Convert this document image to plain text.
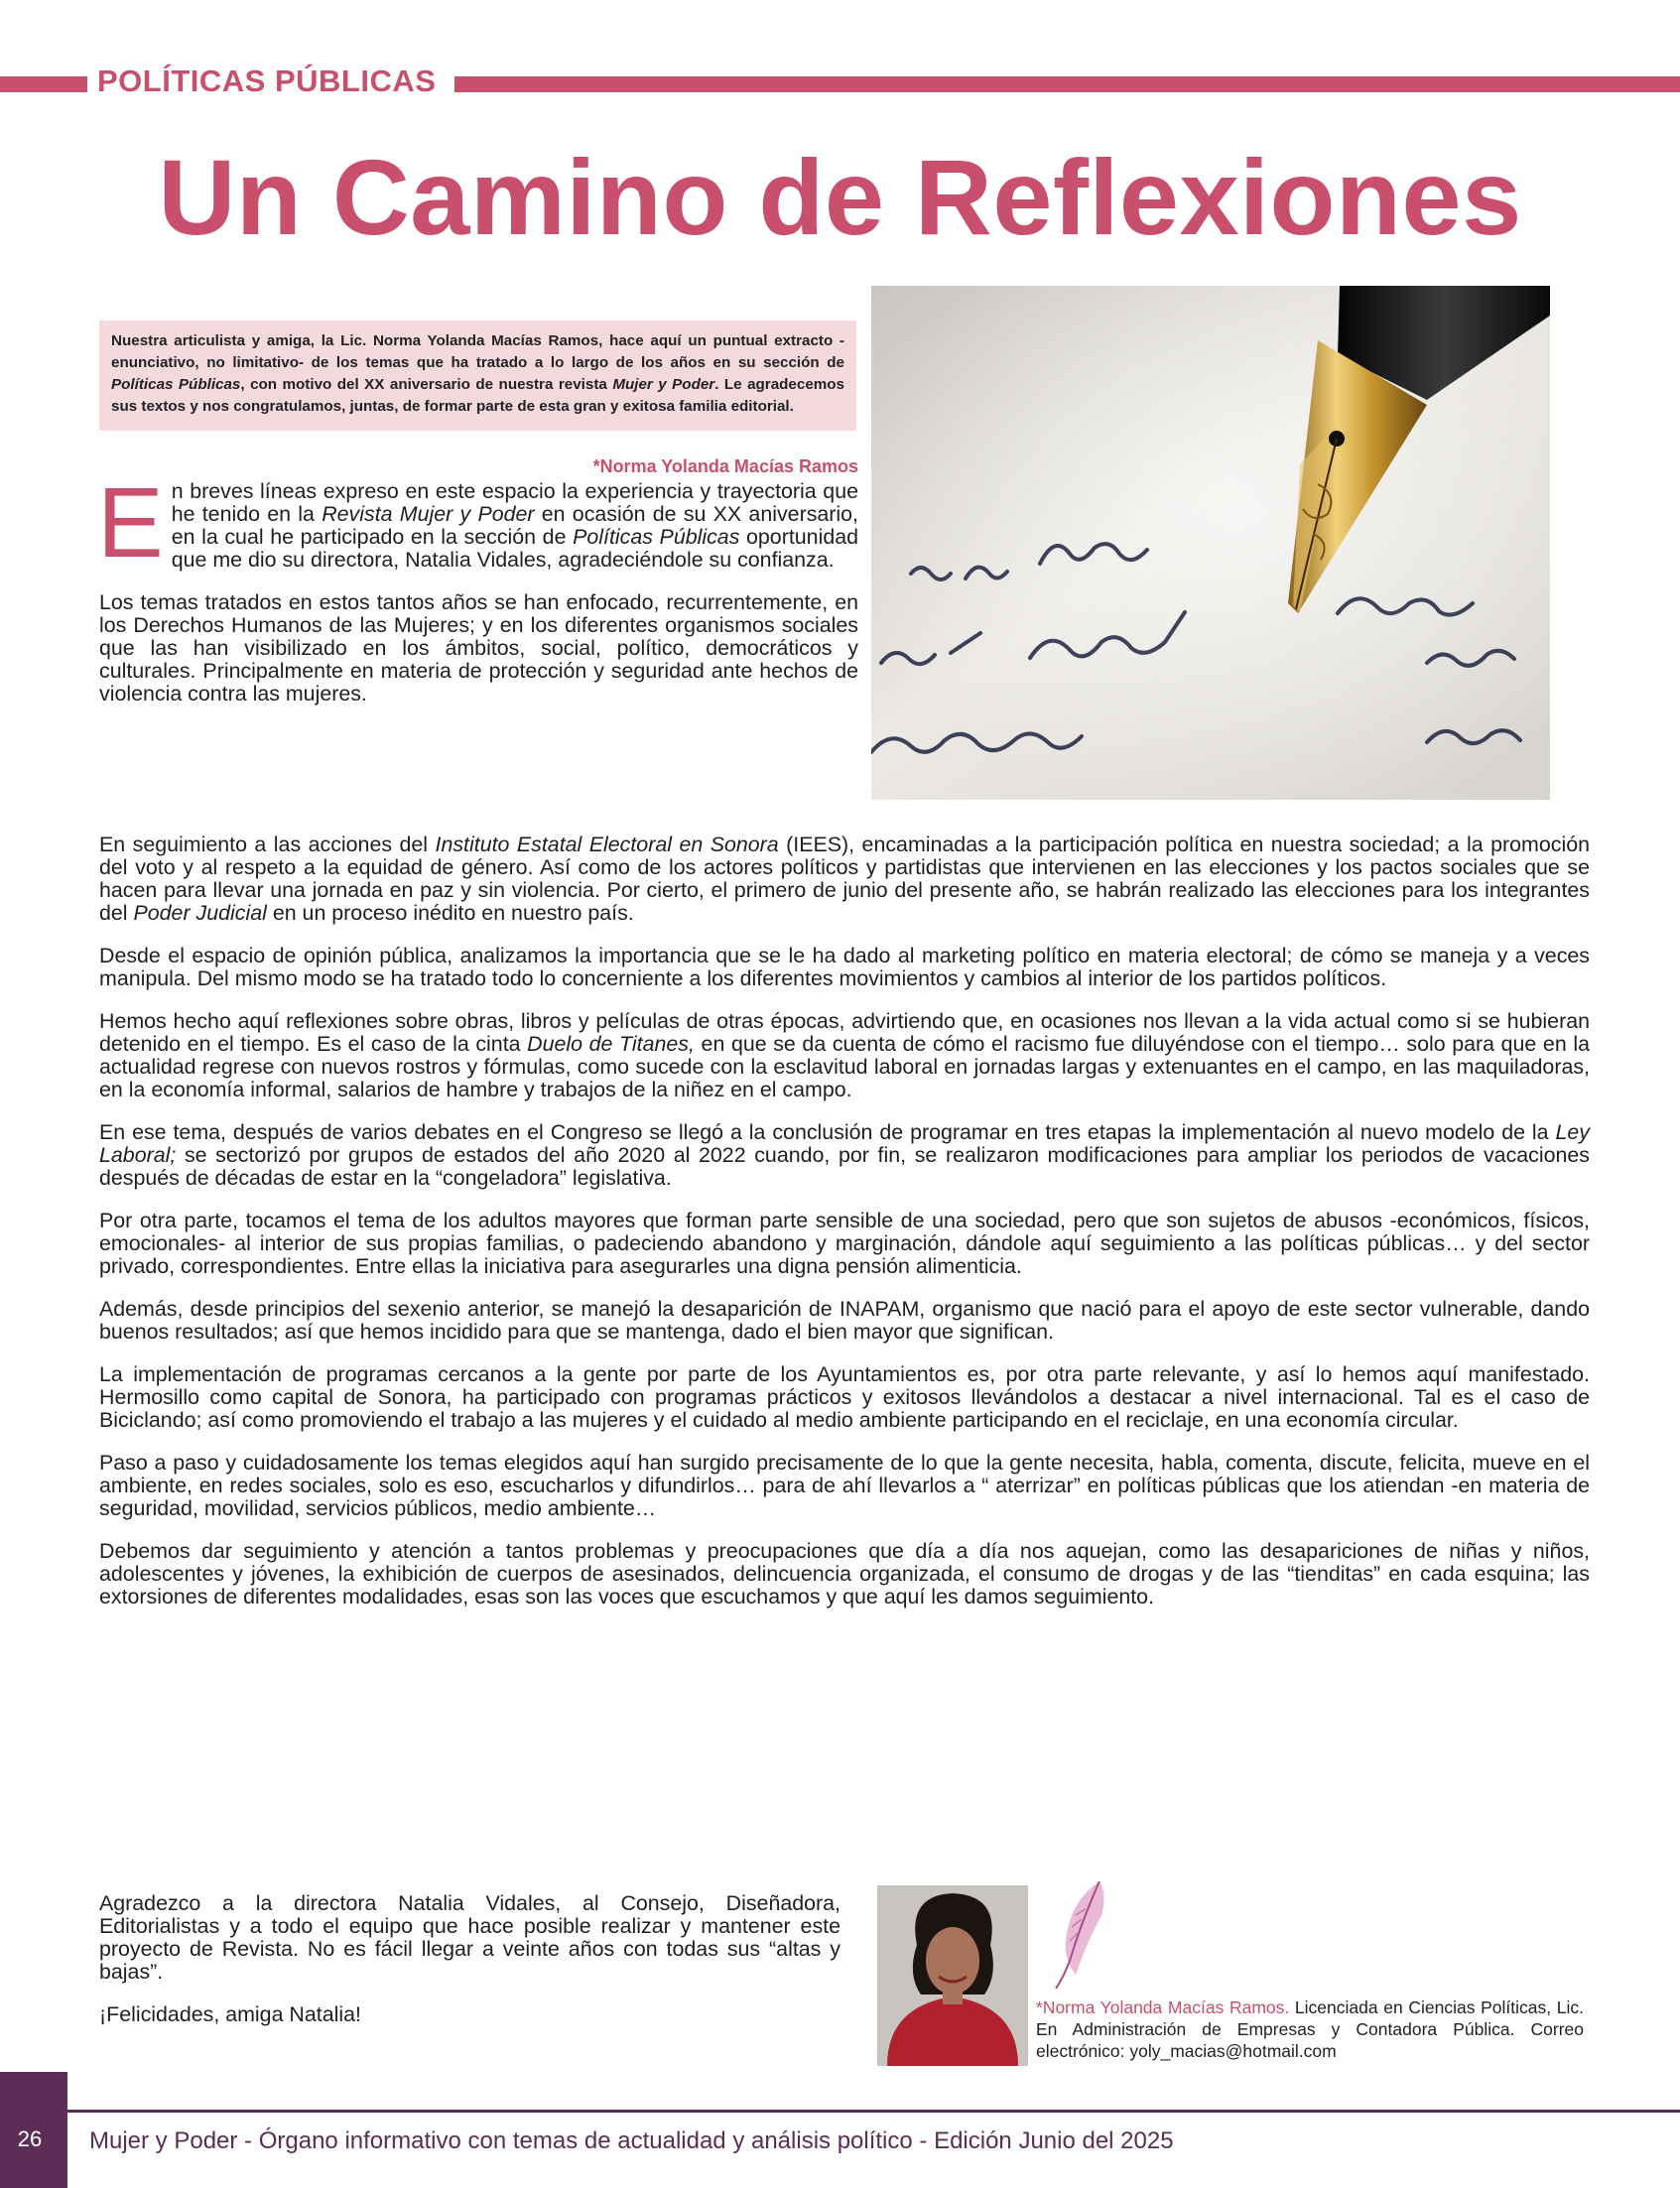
POLÍTICAS PÚBLICAS
Un Camino de Reflexiones
Nuestra articulista y amiga, la Lic. Norma Yolanda Macías Ramos, hace aquí un puntual extracto -enunciativo, no limitativo- de los temas que ha tratado a lo largo de los años en su sección de Políticas Públicas, con motivo del XX aniversario de nuestra revista Mujer y Poder. Le agradecemos sus textos y nos congratulamos, juntas, de formar parte de esta gran y exitosa familia editorial.
*Norma Yolanda Macías Ramos

En breves líneas expreso en este espacio la experiencia y trayectoria que he tenido en la Revista Mujer y Poder en ocasión de su XX aniversario, en la cual he participado en la sección de Políticas Públicas oportunidad que me dio su directora, Natalia Vidales, agradeciéndole su confianza.

Los temas tratados en estos tantos años se han enfocado, recurrentemente, en los Derechos Humanos de las Mujeres; y en los diferentes organismos sociales que las han visibilizado en los ámbitos, social, político, democráticos y culturales. Principalmente en materia de protección y seguridad ante hechos de violencia contra las mujeres.

En seguimiento a las acciones del Instituto Estatal Electoral en Sonora (IEES), encaminadas a la participación política en nuestra sociedad; a la promoción del voto y al respeto a la equidad de género. Así como de los actores políticos y partidistas que intervienen en las elecciones y los pactos sociales que se hacen para llevar una jornada en paz y sin violencia. Por cierto, el primero de junio del presente año, se habrán realizado las elecciones para los integrantes del Poder Judicial en un proceso inédito en nuestro país.

Desde el espacio de opinión pública, analizamos la importancia que se le ha dado al marketing político en materia electoral; de cómo se maneja y a veces manipula. Del mismo modo se ha tratado todo lo concerniente a los diferentes movimientos y cambios al interior de los partidos políticos.

Hemos hecho aquí reflexiones sobre obras, libros y películas de otras épocas, advirtiendo que, en ocasiones nos llevan a la vida actual como si se hubieran detenido en el tiempo. Es el caso de la cinta Duelo de Titanes, en que se da cuenta de cómo el racismo fue diluyéndose con el tiempo… solo para que en la actualidad regrese con nuevos rostros y fórmulas, como sucede con la esclavitud laboral en jornadas largas y extenuantes en el campo, en las maquiladoras, en la economía informal, salarios de hambre y trabajos de la niñez en el campo.

En ese tema, después de varios debates en el Congreso se llegó a la conclusión de programar en tres etapas la implementación al nuevo modelo de la Ley Laboral; se sectorizó por grupos de estados del año 2020 al 2022 cuando, por fin, se realizaron modificaciones para ampliar los periodos de vacaciones después de décadas de estar en la “congeladora” legislativa.

Por otra parte, tocamos el tema de los adultos mayores que forman parte sensible de una sociedad, pero que son sujetos de abusos -económicos, físicos, emocionales- al interior de sus propias familias, o padeciendo abandono y marginación, dándole aquí seguimiento a las políticas públicas… y del sector privado, correspondientes. Entre ellas la iniciativa para asegurarles una digna pensión alimenticia.

Además, desde principios del sexenio anterior, se manejó la desaparición de INAPAM, organismo que nació para el apoyo de este sector vulnerable, dando buenos resultados; así que hemos incidido para que se mantenga, dado el bien mayor que significan.

La implementación de programas cercanos a la gente por parte de los Ayuntamientos es, por otra parte relevante, y así lo hemos aquí manifestado. Hermosillo como capital de Sonora, ha participado con programas prácticos y exitosos llevándolos a destacar a nivel internacional. Tal es el caso de Biciclando; así como promoviendo el trabajo a las mujeres y el cuidado al medio ambiente participando en el reciclaje, en una economía circular.

Paso a paso y cuidadosamente los temas elegidos aquí han surgido precisamente de lo que la gente necesita, habla, comenta, discute, felicita, mueve en el ambiente, en redes sociales, solo es eso, escucharlos y difundirlos… para de ahí llevarlos a “ aterrizar” en políticas públicas que los atiendan -en materia de seguridad, movilidad, servicios públicos, medio ambiente…

Debemos dar seguimiento y atención a tantos problemas y preocupaciones que día a día nos aquejan, como las desapariciones de niñas y niños, adolescentes y jóvenes, la exhibición de cuerpos de asesinados, delincuencia organizada, el consumo de drogas y de las “tienditas” en cada esquina; las extorsiones de diferentes modalidades, esas son las voces que escuchamos y que aquí les damos seguimiento.

Agradezco a la directora Natalia Vidales, al Consejo, Diseñadora, Editorialistas y a todo el equipo que hace posible realizar y mantener este proyecto de Revista. No es fácil llegar a veinte años con todas sus “altas y bajas”.

¡Felicidades, amiga Natalia!	*Norma Yolanda Macías Ramos. Licenciada en Ciencias Políticas, Lic. En Administración de Empresas y Contadora Pública. Correo electrónico: yoly_macias@hotmail.com
26	Mujer y Poder - Órgano informativo con temas de actualidad y análisis político - Edición Junio del 2025
